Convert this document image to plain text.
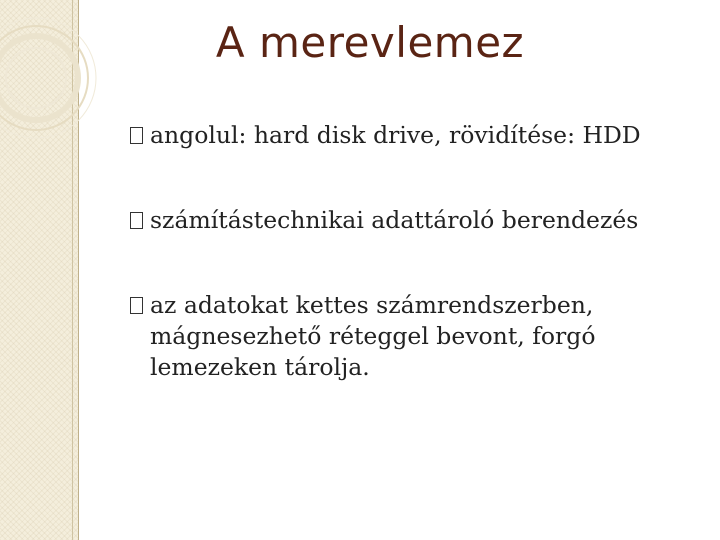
A merevlemez
angolul: hard disk drive, rövidítése: HDD
számítástechnikai adattároló berendezés
az adatokat kettes számrendszerben, mágnesezhető réteggel bevont, forgó lemezeken tárolja.
